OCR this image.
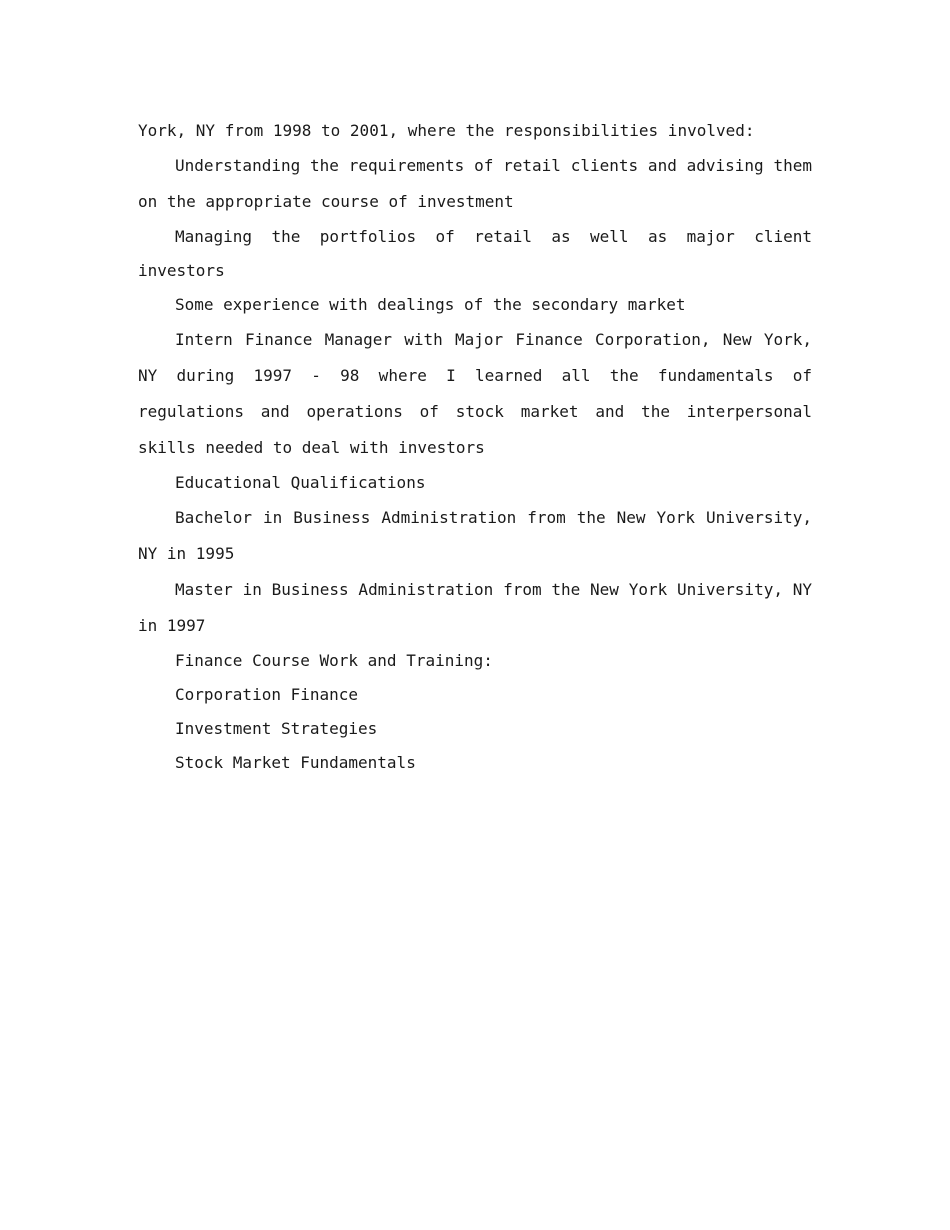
York, NY from 1998 to 2001, where the responsibilities involved:

Understanding the requirements of retail clients and advising them on the appropriate course of investment

Managing the portfolios of retail as well as major client investors

Some experience with dealings of the secondary market

Intern Finance Manager with Major Finance Corporation, New York, NY during 1997 - 98 where I learned all the fundamentals of regulations and operations of stock market and the interpersonal skills needed to deal with investors

Educational Qualifications

Bachelor in Business Administration from the New York University, NY in 1995

Master in Business Administration from the New York University, NY in 1997

Finance Course Work and Training:

Corporation Finance

Investment Strategies

Stock Market Fundamentals
